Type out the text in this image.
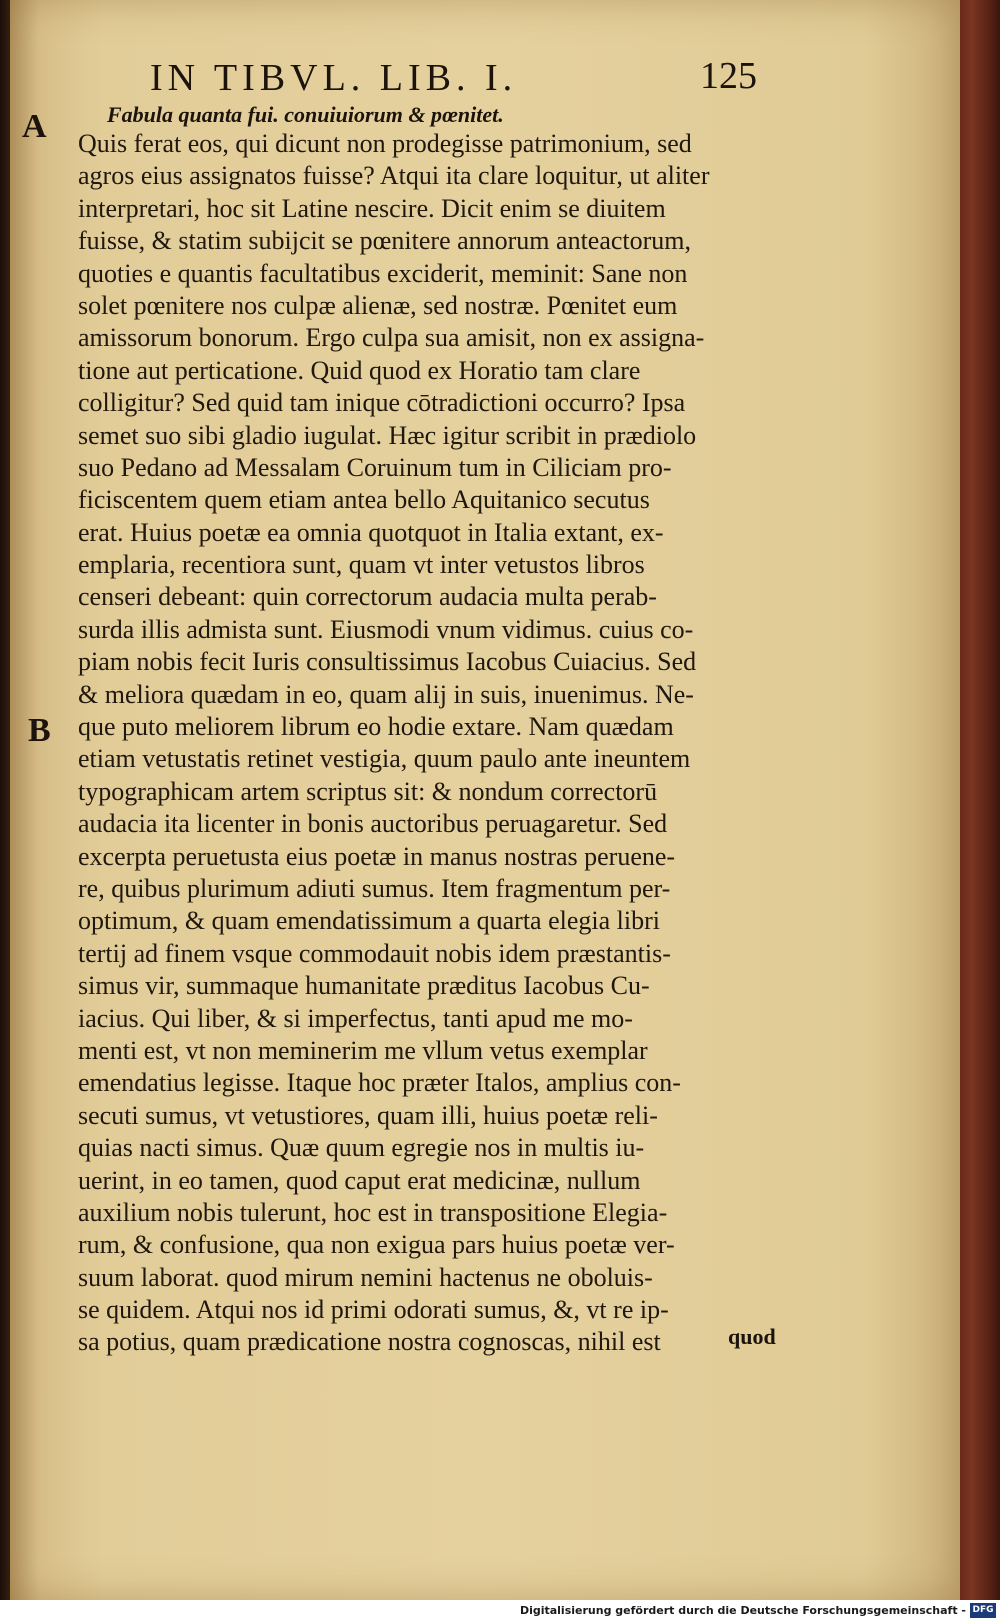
IN TIBVL. LIB. I.	125
A
B
Fabula quanta fui. conuiuiorum & pœnitet.
Quis ferat eos, qui dicunt non prodegisse patrimonium, sed
agros eius assignatos fuisse? Atqui ita clare loquitur, ut aliter
interpretari, hoc sit Latine nescire. Dicit enim se diuitem
fuisse, & statim subijcit se pœnitere annorum anteactorum,
quoties e quantis facultatibus exciderit, meminit: Sane non
solet pœnitere nos culpæ alienæ, sed nostræ. Pœnitet eum
amissorum bonorum. Ergo culpa sua amisit, non ex assigna-
tione aut perticatione. Quid quod ex Horatio tam clare
colligitur? Sed quid tam inique cōtradictioni occurro? Ipsa
semet suo sibi gladio iugulat. Hæc igitur scribit in prædiolo
suo Pedano ad Messalam Coruinum tum in Ciliciam pro-
ficiscentem quem etiam antea bello Aquitanico secutus
erat. Huius poetæ ea omnia quotquot in Italia extant, ex-
emplaria, recentiora sunt, quam vt inter vetustos libros
censeri debeant: quin correctorum audacia multa perab-
surda illis admista sunt. Eiusmodi vnum vidimus. cuius co-
piam nobis fecit Iuris consultissimus Iacobus Cuiacius. Sed
& meliora quædam in eo, quam alij in suis, inuenimus. Ne-
que puto meliorem librum eo hodie extare. Nam quædam
etiam vetustatis retinet vestigia, quum paulo ante ineuntem
typographicam artem scriptus sit: & nondum correctorū
audacia ita licenter in bonis auctoribus peruagaretur. Sed
excerpta peruetusta eius poetæ in manus nostras peruene-
re, quibus plurimum adiuti sumus. Item fragmentum per-
optimum, & quam emendatissimum a quarta elegia libri
tertij ad finem vsque commodauit nobis idem præstantis-
simus vir, summaque humanitate præditus Iacobus Cu-
iacius. Qui liber, & si imperfectus, tanti apud me mo-
menti est, vt non meminerim me vllum vetus exemplar
emendatius legisse. Itaque hoc præter Italos, amplius con-
secuti sumus, vt vetustiores, quam illi, huius poetæ reli-
quias nacti simus. Quæ quum egregie nos in multis iu-
uerint, in eo tamen, quod caput erat medicinæ, nullum
auxilium nobis tulerunt, hoc est in transpositione Elegia-
rum, & confusione, qua non exigua pars huius poetæ ver-
suum laborat. quod mirum nemini hactenus ne oboluis-
se quidem. Atqui nos id primi odorati sumus, &, vt re ip-
sa potius, quam prædicatione nostra cognoscas, nihil est	quod
Digitalisierung gefördert durch die Deutsche Forschungsgemeinschaft - DFG
